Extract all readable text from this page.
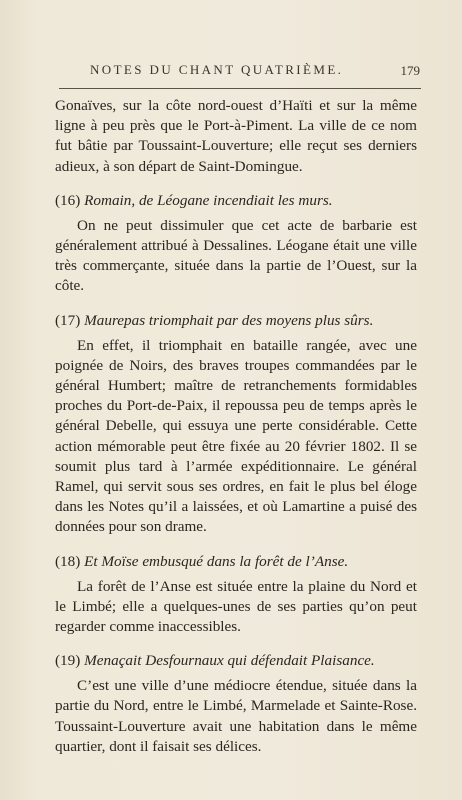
NOTES DU CHANT QUATRIÈME.	179

Gonaïves, sur la côte nord-ouest d’Haïti et sur la même ligne à peu près que le Port-à-Piment. La ville de ce nom fut bâtie par Toussaint-Louverture; elle reçut ses derniers adieux, à son départ de Saint-Domingue.

(16) Romain, de Léogane incendiait les murs.

On ne peut dissimuler que cet acte de barbarie est généralement attribué à Dessalines. Léogane était une ville très commerçante, située dans la partie de l’Ouest, sur la côte.

(17) Maurepas triomphait par des moyens plus sûrs.

En effet, il triomphait en bataille rangée, avec une poignée de Noirs, des braves troupes commandées par le général Humbert; maître de retranchements formidables proches du Port-de-Paix, il repoussa peu de temps après le général Debelle, qui essuya une perte considérable. Cette action mémorable peut être fixée au 20 février 1802. Il se soumit plus tard à l’armée expéditionnaire. Le général Ramel, qui servit sous ses ordres, en fait le plus bel éloge dans les Notes qu’il a laissées, et où Lamartine a puisé des données pour son drame.

(18) Et Moïse embusqué dans la forêt de l’Anse.

La forêt de l’Anse est située entre la plaine du Nord et le Limbé; elle a quelques-unes de ses parties qu’on peut regarder comme inaccessibles.

(19) Menaçait Desfournaux qui défendait Plaisance.

C’est une ville d’une médiocre étendue, située dans la partie du Nord, entre le Limbé, Marmelade et Sainte-Rose. Toussaint-Louverture avait une habitation dans le même quartier, dont il faisait ses délices.
